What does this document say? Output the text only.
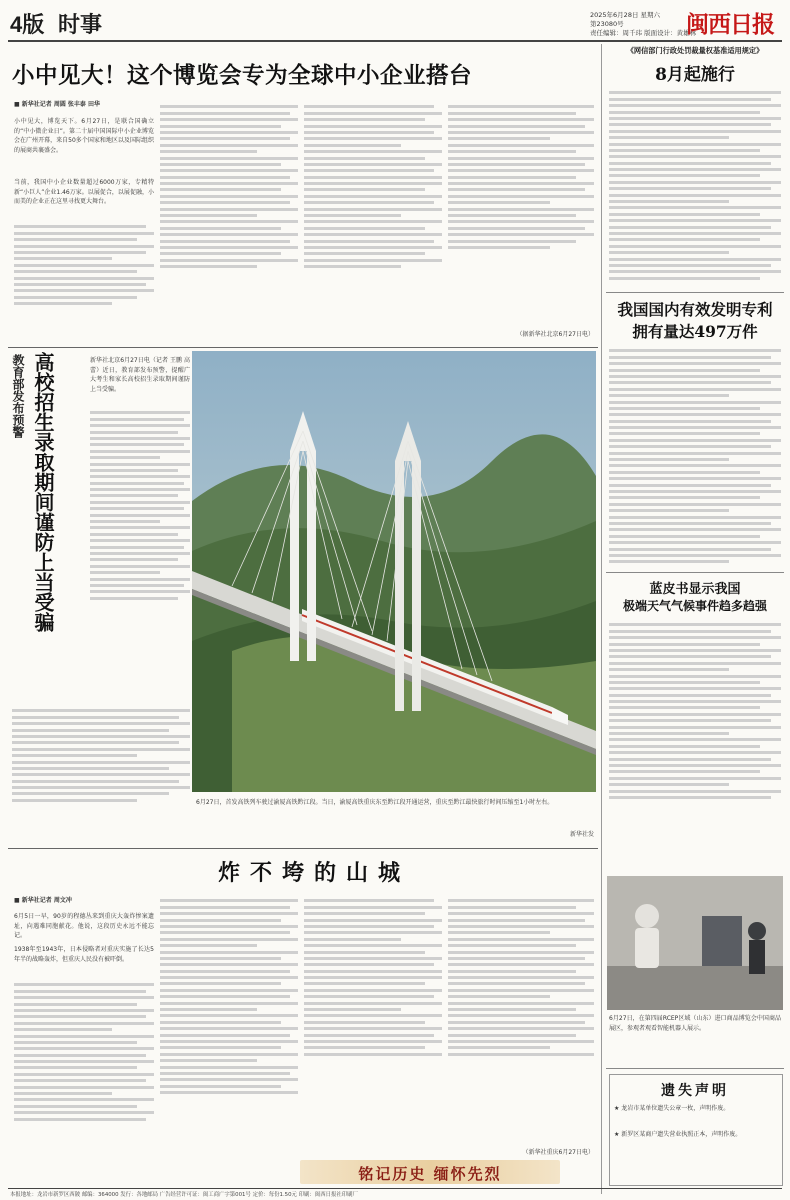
4版 时事	2025年6月28日 星期六
第23080号
责任编辑：周千玮 版面设计：黄雄林
闽西日报
小中见大！这个博览会专为全球中小企业搭台
■ 新华社记者 周圆 张丰泰 田华
小中见大，博览天下。6月27日，是联合国确立的“中小微企业日”。第二十届中国国际中小企业博览会在广州开幕，来自50多个国家和地区以及国际组织的展商共襄盛会。
当前，我国中小企业数量超过6000万家，专精特新“小巨人”企业1.46万家。以展促合，以展促融，小而美的企业正在这里寻找更大舞台。
（据新华社北京6月27日电）
教育部发布预警 高校招生录取期间谨防上当受骗	新华社北京6月27日电（记者 王鹏 高蕾）近日，教育部发布预警，提醒广大考生和家长高校招生录取期间谨防上当受骗。
6月27日，首发高铁列车驶过渝厦高铁黔江段。当日，渝厦高铁重庆东至黔江段开通运营，重庆至黔江最快旅行时间压缩至1小时左右。
新华社发
炸不垮的山城
■ 新华社记者 周文冲
6月5日一早，90岁的程德丛来到重庆大轰炸惨案遗址，向遇难同胞献花。他说，这段历史永远不能忘记。
1938年至1943年，日本侵略者对重庆实施了长达5年半的战略轰炸，但重庆人民没有被吓倒。
（新华社重庆6月27日电）
铭记历史 缅怀先烈
《网信部门行政处罚裁量权基准适用规定》
8月起施行
我国国内有效发明专利
拥有量达497万件
蓝皮书显示我国
极端天气气候事件趋多趋强
6月27日，在第四届RCEP区域（山东）进口商品博览会中国商品展区，参观者观看智能机器人展示。
遗失声明
★ 龙岩市某单位遗失公章一枚，声明作废。
★ 新罗区某商户遗失营业执照正本，声明作废。
本报地址：龙岩市新罗区西陂 邮编：364000 发行：各地邮局 广告经营许可证：闽工商广字第001号 定价：每份1.50元 印刷：闽西日报社印刷厂
